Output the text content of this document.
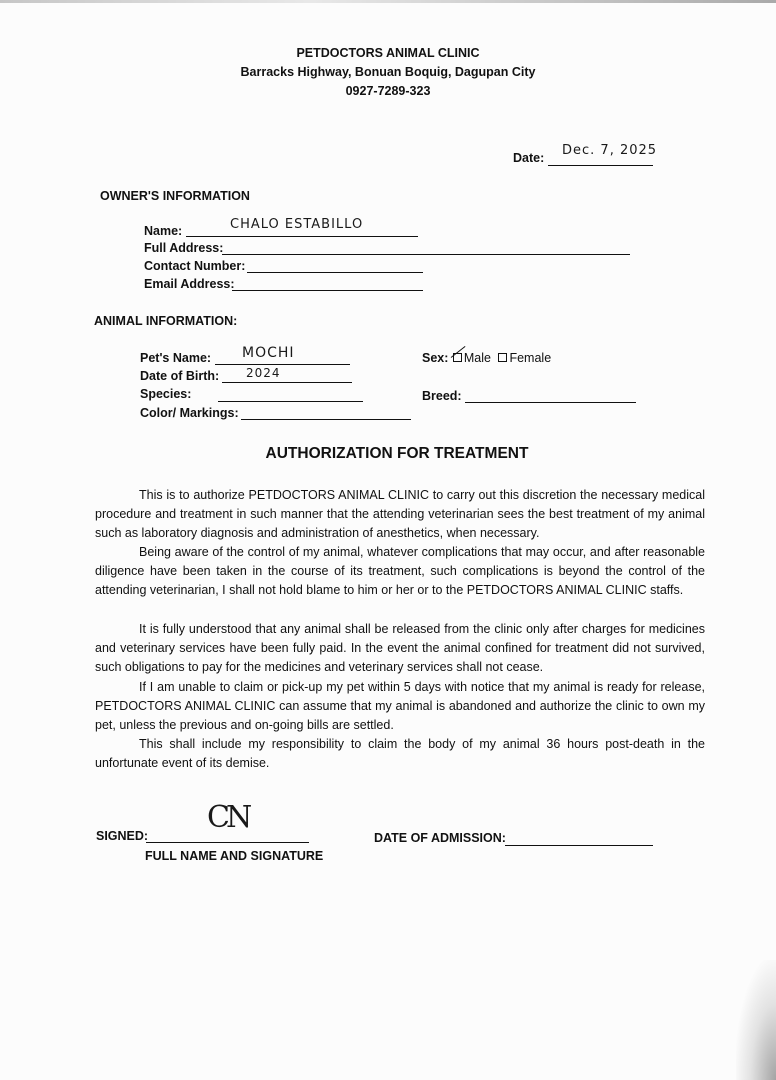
PETDOCTORS ANIMAL CLINIC
Barracks Highway, Bonuan Boquig, Dagupan City
0927-7289-323
Date: Dec. 7, 2025
OWNER'S INFORMATION
Name:	CHALO ESTABILLO
Full Address:
Contact Number:
Email Address:
ANIMAL INFORMATION:
Pet's Name: MOCHI
Date of Birth: 2024
Species:
Color/ Markings:
Sex: Male Female
Breed:
AUTHORIZATION FOR TREATMENT
This is to authorize PETDOCTORS ANIMAL CLINIC to carry out this discretion the necessary medical procedure and treatment in such manner that the attending veterinarian sees the best treatment of my animal such as laboratory diagnosis and administration of anesthetics, when necessary.
Being aware of the control of my animal, whatever complications that may occur, and after reasonable diligence have been taken in the course of its treatment, such complications is beyond the control of the attending veterinarian, I shall not hold blame to him or her or to the PETDOCTORS ANIMAL CLINIC staffs.
It is fully understood that any animal shall be released from the clinic only after charges for medicines and veterinary services have been fully paid. In the event the animal confined for treatment did not survived, such obligations to pay for the medicines and veterinary services shall not cease.
If I am unable to claim or pick-up my pet within 5 days with notice that my animal is ready for release, PETDOCTORS ANIMAL CLINIC can assume that my animal is abandoned and authorize the clinic to own my pet, unless the previous and on-going bills are settled.
This shall include my responsibility to claim the body of my animal 36 hours post-death in the unfortunate event of its demise.
SIGNED:
CN
FULL NAME AND SIGNATURE
DATE OF ADMISSION:
